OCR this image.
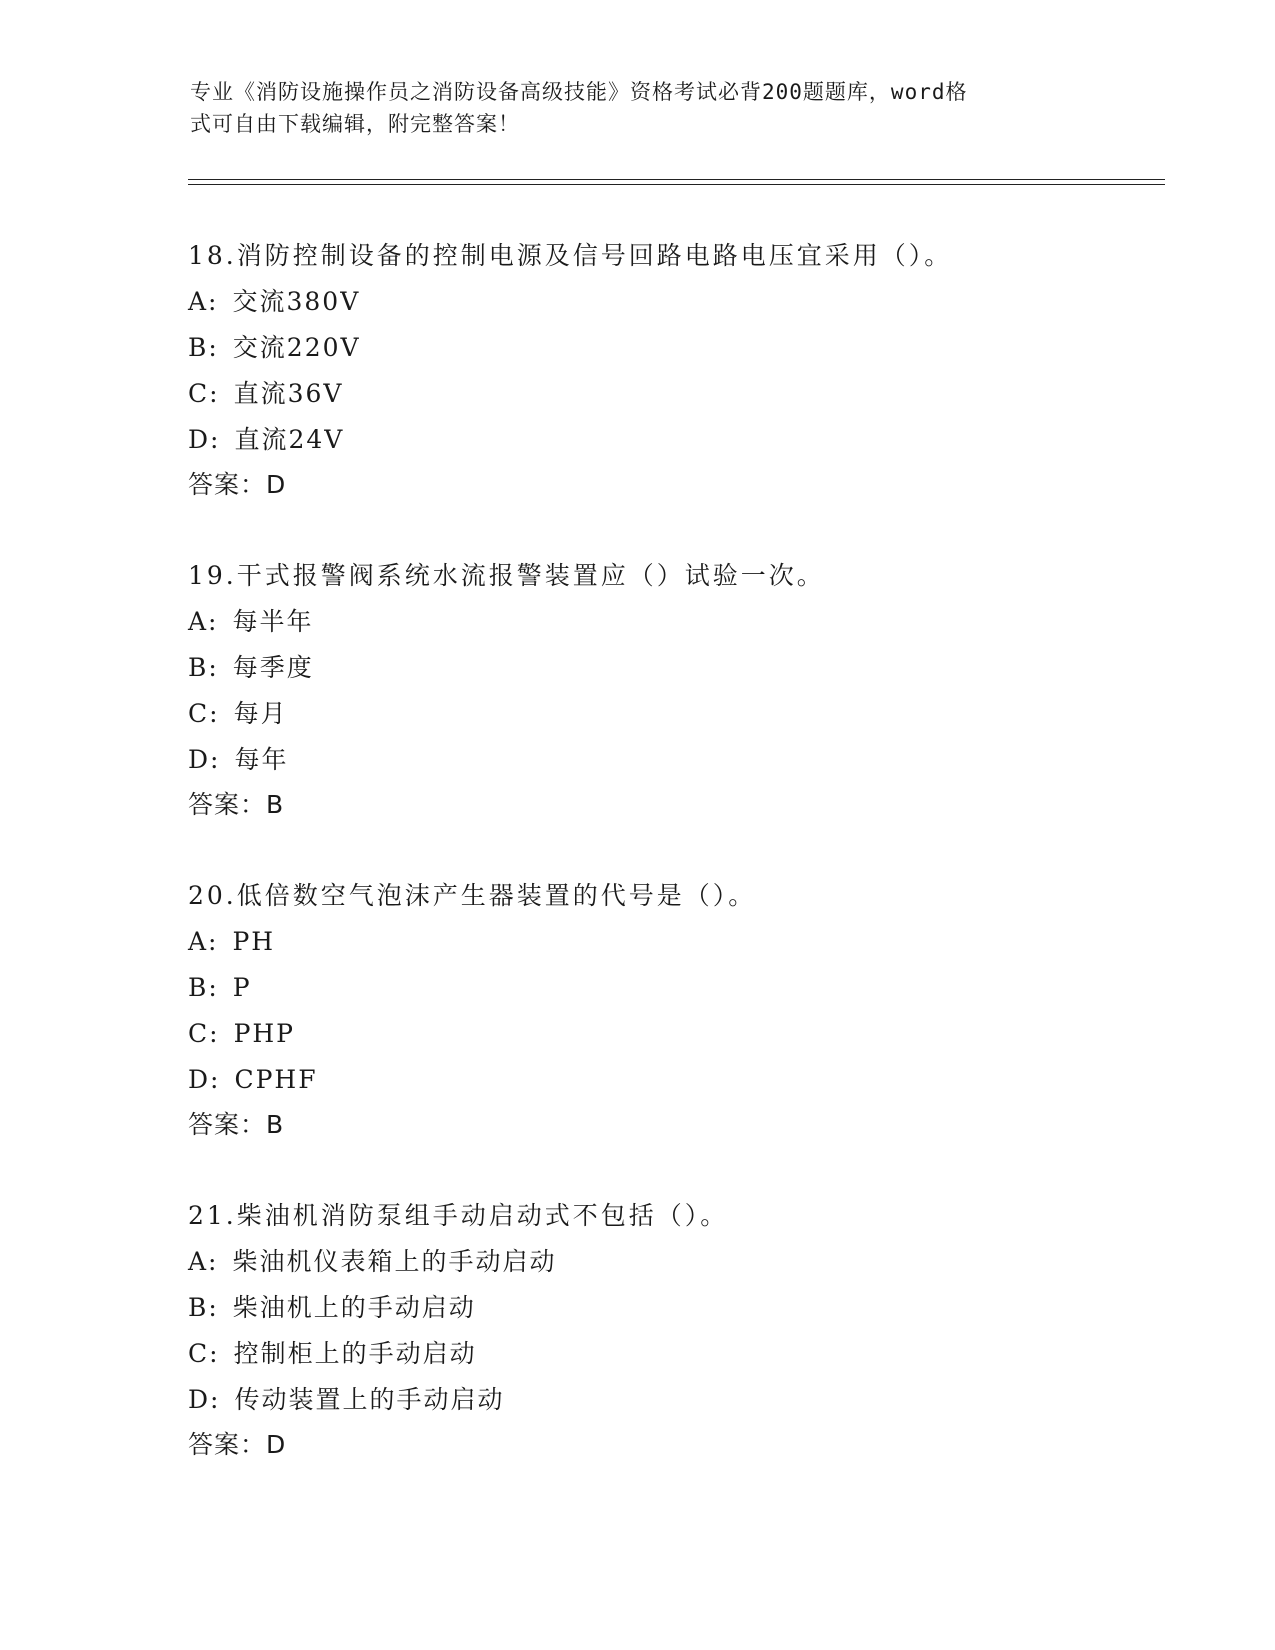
专业《消防设施操作员之消防设备高级技能》资格考试必背200题题库，word格
式可自由下载编辑，附完整答案！
18.消防控制设备的控制电源及信号回路电路电压宜采用（）。
A: 交流380V
B: 交流220V
C: 直流36V
D: 直流24V
答案：D
19.干式报警阀系统水流报警装置应（）试验一次。
A: 每半年
B: 每季度
C: 每月
D: 每年
答案：B
20.低倍数空气泡沫产生器装置的代号是（）。
A: PH
B: P
C: PHP
D: CPHF
答案：B
21.柴油机消防泵组手动启动式不包括（）。
A: 柴油机仪表箱上的手动启动
B: 柴油机上的手动启动
C: 控制柜上的手动启动
D: 传动装置上的手动启动
答案：D
